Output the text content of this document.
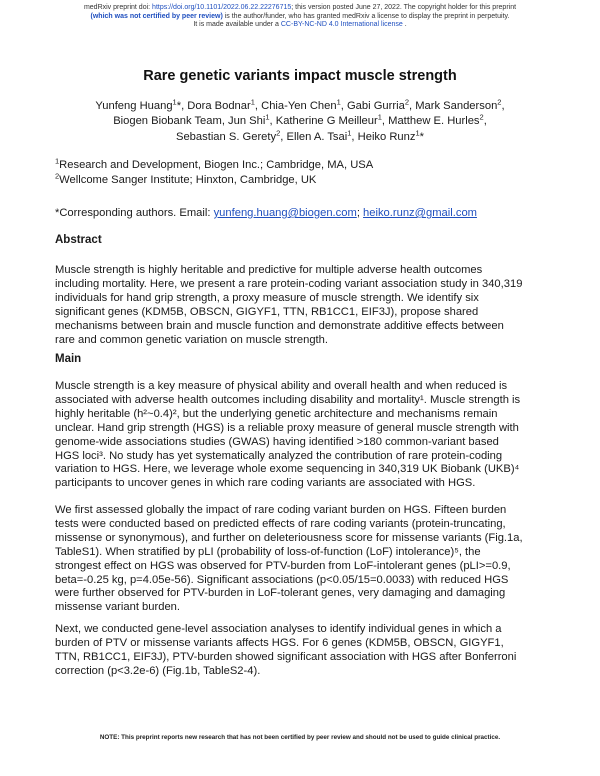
medRxiv preprint doi: https://doi.org/10.1101/2022.06.22.22276715; this version posted June 27, 2022. The copyright holder for this preprint
(which was not certified by peer review) is the author/funder, who has granted medRxiv a license to display the preprint in perpetuity.
It is made available under a CC-BY-NC-ND 4.0 International license .
Rare genetic variants impact muscle strength
Yunfeng Huang$^1$*, Dora Bodnar$^1$, Chia-Yen Chen$^1$, Gabi Gurria$^2$, Mark Sanderson$^2$,
Biogen Biobank Team, Jun Shi$^1$, Katherine G Meilleur$^1$, Matthew E. Hurles$^2$,
Sebastian S. Gerety$^2$, Ellen A. Tsai$^1$, Heiko Runz$^1$*
$^1$Research and Development, Biogen Inc.; Cambridge, MA, USA
$^2$Wellcome Sanger Institute; Hinxton, Cambridge, UK
*Corresponding authors. Email: yunfeng.huang@biogen.com; heiko.runz@gmail.com
Abstract
Muscle strength is highly heritable and predictive for multiple adverse health outcomes
including mortality. Here, we present a rare protein-coding variant association study in 340,319
individuals for hand grip strength, a proxy measure of muscle strength. We identify six
significant genes (KDM5B, OBSCN, GIGYF1, TTN, RB1CC1, EIF3J), propose shared
mechanisms between brain and muscle function and demonstrate additive effects between
rare and common genetic variation on muscle strength.
Main
Muscle strength is a key measure of physical ability and overall health and when reduced is
associated with adverse health outcomes including disability and mortality¹. Muscle strength is
highly heritable (h²~0.4)², but the underlying genetic architecture and mechanisms remain
unclear. Hand grip strength (HGS) is a reliable proxy measure of general muscle strength with
genome-wide associations studies (GWAS) having identified >180 common-variant based
HGS loci³. No study has yet systematically analyzed the contribution of rare protein-coding
variation to HGS. Here, we leverage whole exome sequencing in 340,319 UK Biobank (UKB)⁴
participants to uncover genes in which rare coding variants are associated with HGS.
We first assessed globally the impact of rare coding variant burden on HGS. Fifteen burden
tests were conducted based on predicted effects of rare coding variants (protein-truncating,
missense or synonymous), and further on deleteriousness score for missense variants (Fig.1a,
TableS1). When stratified by pLI (probability of loss-of-function (LoF) intolerance)⁵, the
strongest effect on HGS was observed for PTV-burden from LoF-intolerant genes (pLI>=0.9,
beta=-0.25 kg, p=4.05e-56). Significant associations (p<0.05/15=0.0033) with reduced HGS
were further observed for PTV-burden in LoF-tolerant genes, very damaging and damaging
missense variant burden.
Next, we conducted gene-level association analyses to identify individual genes in which a
burden of PTV or missense variants affects HGS. For 6 genes (KDM5B, OBSCN, GIGYF1,
TTN, RB1CC1, EIF3J), PTV-burden showed significant association with HGS after Bonferroni
correction (p<3.2e-6) (Fig.1b, TableS2-4).
NOTE: This preprint reports new research that has not been certified by peer review and should not be used to guide clinical practice.
